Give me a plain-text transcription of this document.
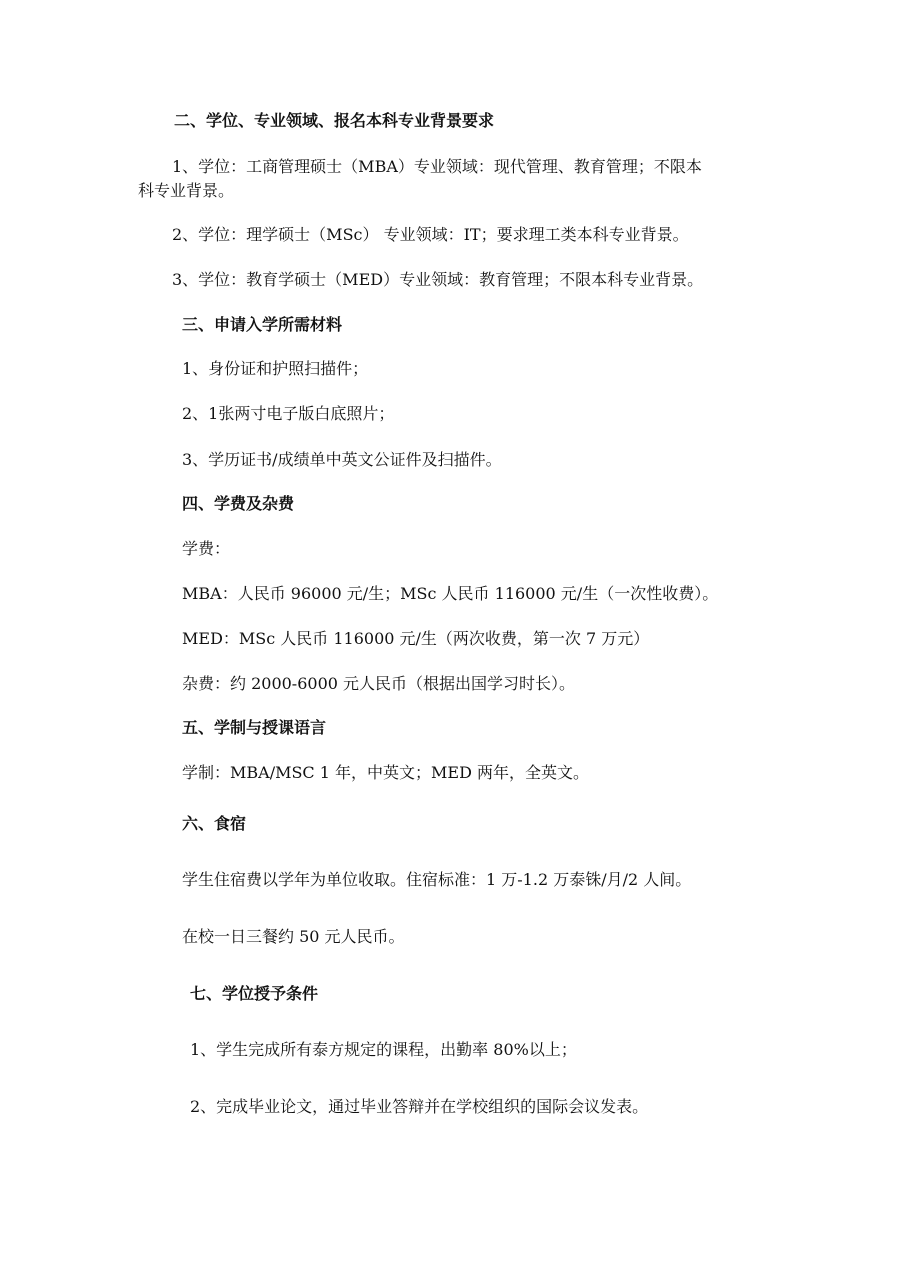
二、学位、专业领域、报名本科专业背景要求
1、学位：工商管理硕士（MBA）专业领域：现代管理、教育管理；不限本
科专业背景。
2、学位：理学硕士（MSc） 专业领域：IT；要求理工类本科专业背景。
3、学位：教育学硕士（MED）专业领域：教育管理；不限本科专业背景。
三、申请入学所需材料
1、身份证和护照扫描件；
2、1张两寸电子版白底照片；
3、学历证书/成绩单中英文公证件及扫描件。
四、学费及杂费
学费：
MBA：人民币 96000 元/生；MSc 人民币 116000 元/生（一次性收费）。
MED：MSc 人民币 116000 元/生（两次收费，第一次 7 万元）
杂费：约 2000-6000 元人民币（根据出国学习时长）。
五、学制与授课语言
学制：MBA/MSC 1 年，中英文；MED 两年，全英文。
六、食宿
学生住宿费以学年为单位收取。住宿标准：1 万-1.2 万泰铢/月/2 人间。
在校一日三餐约 50 元人民币。
七、学位授予条件
1、学生完成所有泰方规定的课程，出勤率 80%以上；
2、完成毕业论文，通过毕业答辩并在学校组织的国际会议发表。
